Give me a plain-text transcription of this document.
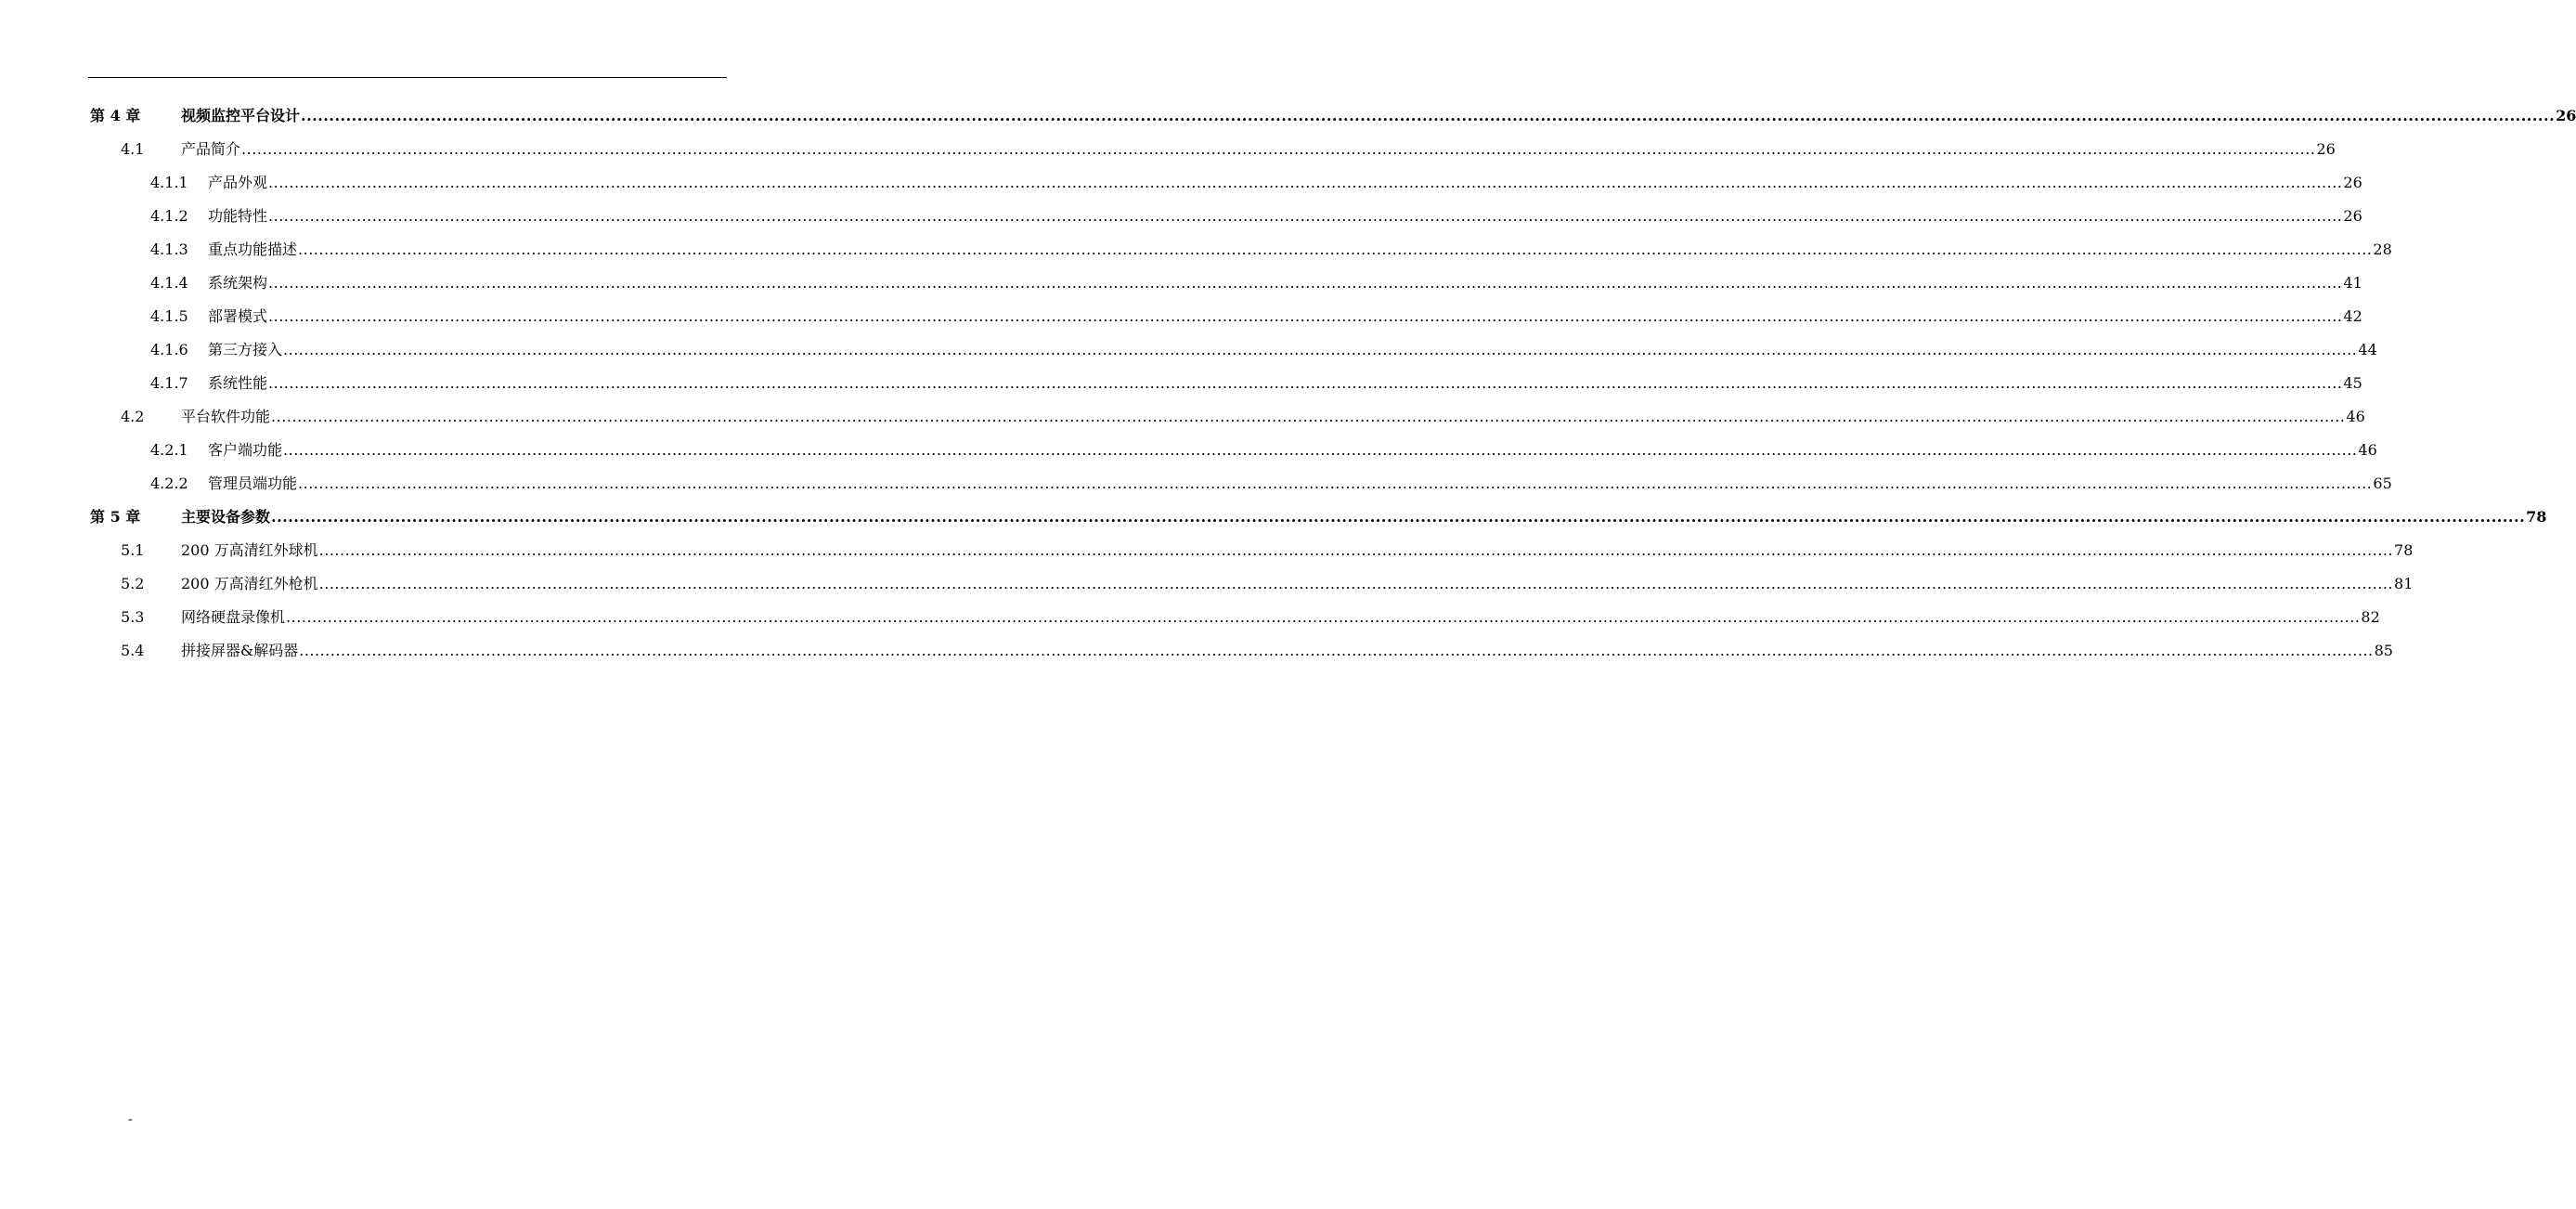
第 4 章	视频监控平台设计 ................................................................................................................................................................................................................................................................................................................................................................................................................ 26
4.1 产品简介 ................................................................................................................................................................................................................................................................................................................................................................................................................ 26
4.1.1 产品外观 ................................................................................................................................................................................................................................................................................................................................................................................................................ 26
4.1.2 功能特性 ................................................................................................................................................................................................................................................................................................................................................................................................................ 26
4.1.3 重点功能描述 ................................................................................................................................................................................................................................................................................................................................................................................................................ 28
4.1.4 系统架构 ................................................................................................................................................................................................................................................................................................................................................................................................................ 41
4.1.5 部署模式 ................................................................................................................................................................................................................................................................................................................................................................................................................ 42
4.1.6 第三方接入 ................................................................................................................................................................................................................................................................................................................................................................................................................ 44
4.1.7 系统性能 ................................................................................................................................................................................................................................................................................................................................................................................................................ 45
4.2 平台软件功能 ................................................................................................................................................................................................................................................................................................................................................................................................................ 46
4.2.1 客户端功能 ................................................................................................................................................................................................................................................................................................................................................................................................................ 46
4.2.2 管理员端功能 ................................................................................................................................................................................................................................................................................................................................................................................................................ 65
第 5 章	主要设备参数 ................................................................................................................................................................................................................................................................................................................................................................................................................ 78
5.1 200 万高清红外球机 ................................................................................................................................................................................................................................................................................................................................................................................................................ 78
5.2 200 万高清红外枪机 ................................................................................................................................................................................................................................................................................................................................................................................................................ 81
5.3 网络硬盘录像机 ................................................................................................................................................................................................................................................................................................................................................................................................................ 82
5.4 拼接屏器&解码器 ................................................................................................................................................................................................................................................................................................................................................................................................................ 85
-
